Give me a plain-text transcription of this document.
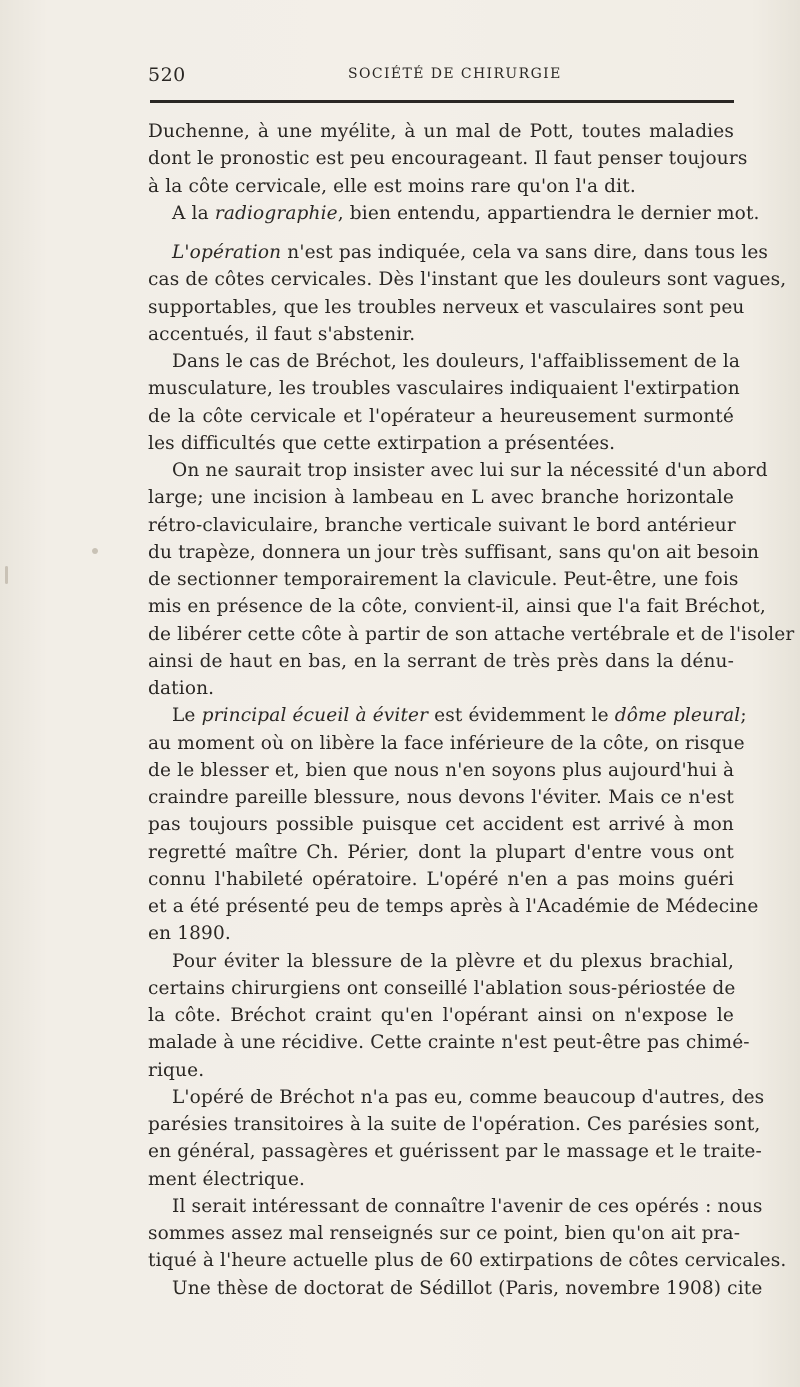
520	SOCIÉTÉ DE CHIRURGIE
Duchenne, à une myélite, à un mal de Pott, toutes maladies
dont le pronostic est peu encourageant. Il faut penser toujours
à la côte cervicale, elle est moins rare qu'on l'a dit.
A la radiographie, bien entendu, appartiendra le dernier mot.
L'opération n'est pas indiquée, cela va sans dire, dans tous les
cas de côtes cervicales. Dès l'instant que les douleurs sont vagues,
supportables, que les troubles nerveux et vasculaires sont peu
accentués, il faut s'abstenir.
Dans le cas de Bréchot, les douleurs, l'affaiblissement de la
musculature, les troubles vasculaires indiquaient l'extirpation
de la côte cervicale et l'opérateur a heureusement surmonté
les difficultés que cette extirpation a présentées.
On ne saurait trop insister avec lui sur la nécessité d'un abord
large; une incision à lambeau en L avec branche horizontale
rétro-claviculaire, branche verticale suivant le bord antérieur
du trapèze, donnera un jour très suffisant, sans qu'on ait besoin
de sectionner temporairement la clavicule. Peut-être, une fois
mis en présence de la côte, convient-il, ainsi que l'a fait Bréchot,
de libérer cette côte à partir de son attache vertébrale et de l'isoler
ainsi de haut en bas, en la serrant de très près dans la dénu-
dation.
Le principal écueil à éviter est évidemment le dôme pleural;
au moment où on libère la face inférieure de la côte, on risque
de le blesser et, bien que nous n'en soyons plus aujourd'hui à
craindre pareille blessure, nous devons l'éviter. Mais ce n'est
pas toujours possible puisque cet accident est arrivé à mon
regretté maître Ch. Périer, dont la plupart d'entre vous ont
connu l'habileté opératoire. L'opéré n'en a pas moins guéri
et a été présenté peu de temps après à l'Académie de Médecine
en 1890.
Pour éviter la blessure de la plèvre et du plexus brachial,
certains chirurgiens ont conseillé l'ablation sous-périostée de
la côte. Bréchot craint qu'en l'opérant ainsi on n'expose le
malade à une récidive. Cette crainte n'est peut-être pas chimé-
rique.
L'opéré de Bréchot n'a pas eu, comme beaucoup d'autres, des
parésies transitoires à la suite de l'opération. Ces parésies sont,
en général, passagères et guérissent par le massage et le traite-
ment électrique.
Il serait intéressant de connaître l'avenir de ces opérés : nous
sommes assez mal renseignés sur ce point, bien qu'on ait pra-
tiqué à l'heure actuelle plus de 60 extirpations de côtes cervicales.
Une thèse de doctorat de Sédillot (Paris, novembre 1908) cite
